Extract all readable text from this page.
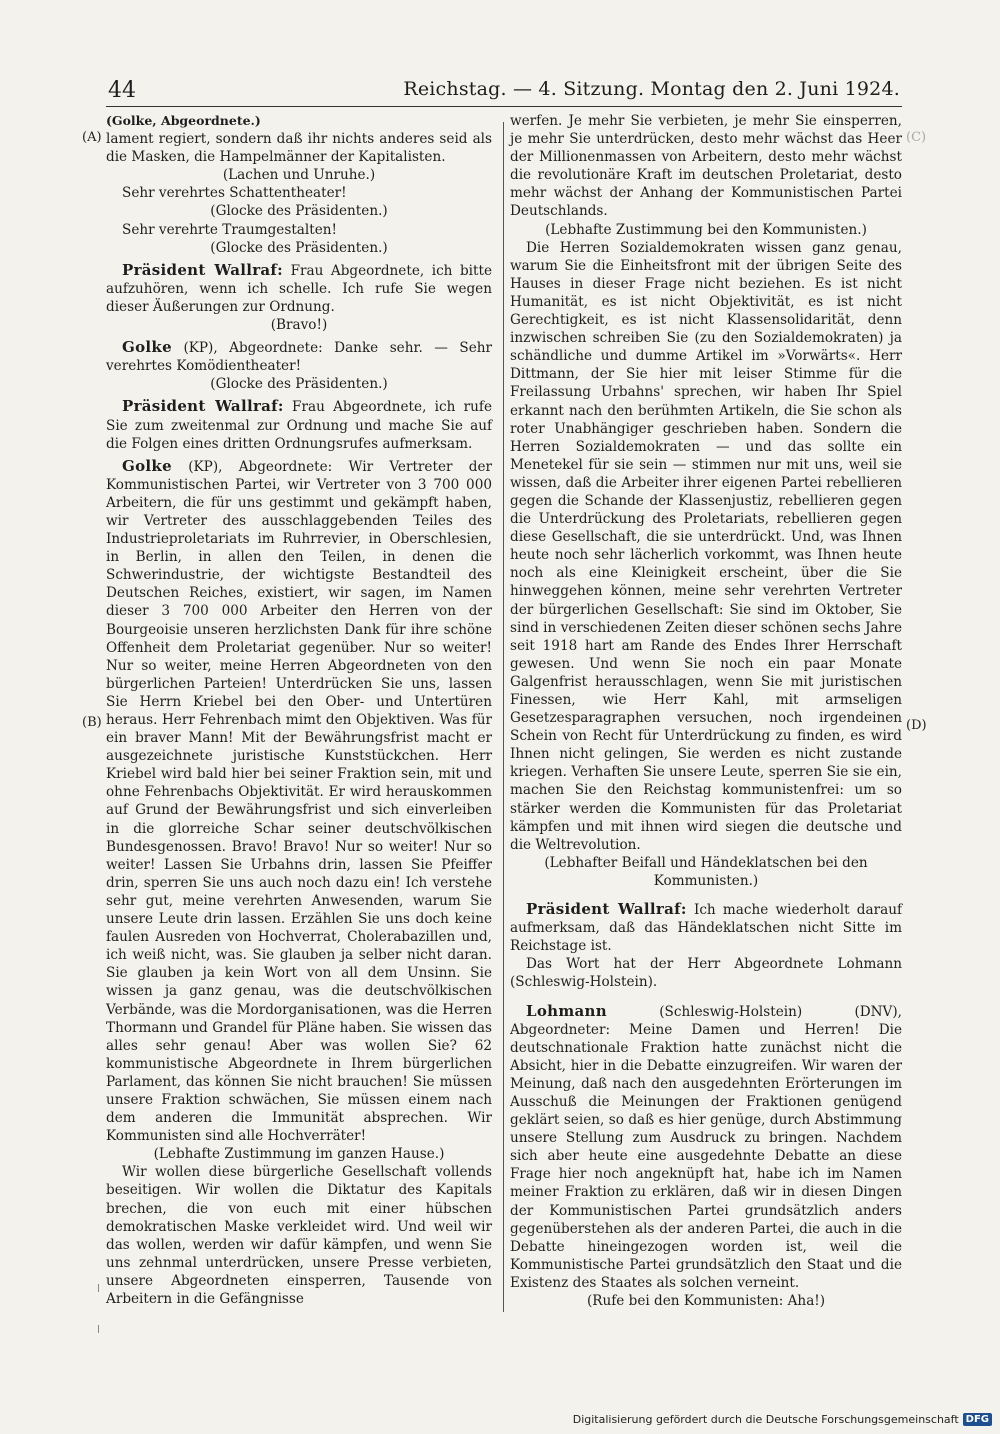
44	Reichstag. — 4. Sitzung. Montag den 2. Juni 1924.
(A)
(B)
(C)
(D)

(Golke, Abgeordnete.)

lament regiert, sondern daß ihr nichts anderes seid als die Masken, die Hampelmänner der Kapitalisten.

(Lachen und Unruhe.)

Sehr verehrtes Schattentheater!

(Glocke des Präsidenten.)

Sehr verehrte Traumgestalten!

(Glocke des Präsidenten.)

Präsident Wallraf: Frau Abgeordnete, ich bitte aufzuhören, wenn ich schelle. Ich rufe Sie wegen dieser Äußerungen zur Ordnung.

(Bravo!)

Golke (KP), Abgeordnete: Danke sehr. — Sehr verehrtes Komödientheater!

(Glocke des Präsidenten.)

Präsident Wallraf: Frau Abgeordnete, ich rufe Sie zum zweitenmal zur Ordnung und mache Sie auf die Folgen eines dritten Ordnungsrufes aufmerksam.

Golke (KP), Abgeordnete: Wir Vertreter der Kommunistischen Partei, wir Vertreter von 3 700 000 Arbeitern, die für uns gestimmt und gekämpft haben, wir Vertreter des ausschlaggebenden Teiles des Industrieproletariats im Ruhrrevier, in Oberschlesien, in Berlin, in allen den Teilen, in denen die Schwerindustrie, der wichtigste Bestandteil des Deutschen Reiches, existiert, wir sagen, im Namen dieser 3 700 000 Arbeiter den Herren von der Bourgeoisie unseren herzlichsten Dank für ihre schöne Offenheit dem Proletariat gegenüber. Nur so weiter! Nur so weiter, meine Herren Abgeordneten von den bürgerlichen Parteien! Unterdrücken Sie uns, lassen Sie Herrn Kriebel bei den Ober- und Untertüren heraus. Herr Fehrenbach mimt den Objektiven. Was für ein braver Mann! Mit der Bewährungsfrist macht er ausgezeichnete juristische Kunststückchen. Herr Kriebel wird bald hier bei seiner Fraktion sein, mit und ohne Fehrenbachs Objektivität. Er wird herauskommen auf Grund der Bewährungsfrist und sich einverleiben in die glorreiche Schar seiner deutschvölkischen Bundesgenossen. Bravo! Bravo! Nur so weiter! Nur so weiter! Lassen Sie Urbahns drin, lassen Sie Pfeiffer drin, sperren Sie uns auch noch dazu ein! Ich verstehe sehr gut, meine verehrten Anwesenden, warum Sie unsere Leute drin lassen. Erzählen Sie uns doch keine faulen Ausreden von Hochverrat, Cholerabazillen und, ich weiß nicht, was. Sie glauben ja selber nicht daran. Sie glauben ja kein Wort von all dem Unsinn. Sie wissen ja ganz genau, was die deutschvölkischen Verbände, was die Mordorganisationen, was die Herren Thormann und Grandel für Pläne haben. Sie wissen das alles sehr genau! Aber was wollen Sie? 62 kommunistische Abgeordnete in Ihrem bürgerlichen Parlament, das können Sie nicht brauchen! Sie müssen unsere Fraktion schwächen, Sie müssen einem nach dem anderen die Immunität absprechen. Wir Kommunisten sind alle Hochverräter!

(Lebhafte Zustimmung im ganzen Hause.)

Wir wollen diese bürgerliche Gesellschaft vollends beseitigen. Wir wollen die Diktatur des Kapitals brechen, die von euch mit einer hübschen demokratischen Maske verkleidet wird. Und weil wir das wollen, werden wir dafür kämpfen, und wenn Sie uns zehnmal unterdrücken, unsere Presse verbieten, unsere Abgeordneten einsperren, Tausende von Arbeitern in die Gefängnisse

werfen. Je mehr Sie verbieten, je mehr Sie einsperren, je mehr Sie unterdrücken, desto mehr wächst das Heer der Millionenmassen von Arbeitern, desto mehr wächst die revolutionäre Kraft im deutschen Proletariat, desto mehr wächst der Anhang der Kommunistischen Partei Deutschlands.

(Lebhafte Zustimmung bei den Kommunisten.)

Die Herren Sozialdemokraten wissen ganz genau, warum Sie die Einheitsfront mit der übrigen Seite des Hauses in dieser Frage nicht beziehen. Es ist nicht Humanität, es ist nicht Objektivität, es ist nicht Gerechtigkeit, es ist nicht Klassensolidarität, denn inzwischen schreiben Sie (zu den Sozialdemokraten) ja schändliche und dumme Artikel im »Vorwärts«. Herr Dittmann, der Sie hier mit leiser Stimme für die Freilassung Urbahns' sprechen, wir haben Ihr Spiel erkannt nach den berühmten Artikeln, die Sie schon als roter Unabhängiger geschrieben haben. Sondern die Herren Sozialdemokraten — und das sollte ein Menetekel für sie sein — stimmen nur mit uns, weil sie wissen, daß die Arbeiter ihrer eigenen Partei rebellieren gegen die Schande der Klassenjustiz, rebellieren gegen die Unterdrückung des Proletariats, rebellieren gegen diese Gesellschaft, die sie unterdrückt. Und, was Ihnen heute noch sehr lächerlich vorkommt, was Ihnen heute noch als eine Kleinigkeit erscheint, über die Sie hinweggehen können, meine sehr verehrten Vertreter der bürgerlichen Gesellschaft: Sie sind im Oktober, Sie sind in verschiedenen Zeiten dieser schönen sechs Jahre seit 1918 hart am Rande des Endes Ihrer Herrschaft gewesen. Und wenn Sie noch ein paar Monate Galgenfrist herausschlagen, wenn Sie mit juristischen Finessen, wie Herr Kahl, mit armseligen Gesetzesparagraphen versuchen, noch irgendeinen Schein von Recht für Unterdrückung zu finden, es wird Ihnen nicht gelingen, Sie werden es nicht zustande kriegen. Verhaften Sie unsere Leute, sperren Sie sie ein, machen Sie den Reichstag kommunistenfrei: um so stärker werden die Kommunisten für das Proletariat kämpfen und mit ihnen wird siegen die deutsche und die Weltrevolution.

(Lebhafter Beifall und Händeklatschen bei den Kommunisten.)

Präsident Wallraf: Ich mache wiederholt darauf aufmerksam, daß das Händeklatschen nicht Sitte im Reichstage ist.

Das Wort hat der Herr Abgeordnete Lohmann (Schleswig-Holstein).

Lohmann (Schleswig-Holstein) (DNV), Abgeordneter: Meine Damen und Herren! Die deutschnationale Fraktion hatte zunächst nicht die Absicht, hier in die Debatte einzugreifen. Wir waren der Meinung, daß nach den ausgedehnten Erörterungen im Ausschuß die Meinungen der Fraktionen genügend geklärt seien, so daß es hier genüge, durch Abstimmung unsere Stellung zum Ausdruck zu bringen. Nachdem sich aber heute eine ausgedehnte Debatte an diese Frage hier noch angeknüpft hat, habe ich im Namen meiner Fraktion zu erklären, daß wir in diesen Dingen der Kommunistischen Partei grundsätzlich anders gegenüberstehen als der anderen Partei, die auch in die Debatte hineingezogen worden ist, weil die Kommunistische Partei grundsätzlich den Staat und die Existenz des Staates als solchen verneint.

(Rufe bei den Kommunisten: Aha!)

Digitalisierung gefördert durch die Deutsche Forschungsgemeinschaft DFG
